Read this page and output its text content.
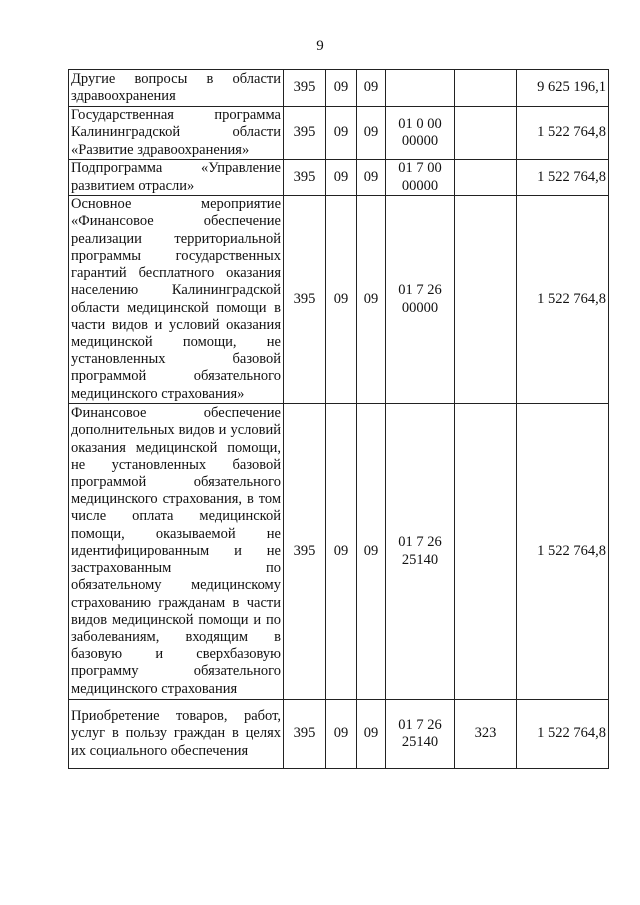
9
Другие вопросы в области здравоохранения	395	09	09			9 625 196,1
Государственная программа Калининградской области «Развитие здравоохранения»	395	09	09	01 0 00 00000		1 522 764,8
Подпрограмма «Управление развитием отрасли»	395	09	09	01 7 00 00000		1 522 764,8
Основное мероприятие «Финансовое обеспечение реализации территориальной программы государственных гарантий бесплатного оказания населению Калининградской области медицинской помощи в части видов и условий оказания медицинской помощи, не установленных базовой программой обязательного медицинского страхования»	395	09	09	01 7 26 00000		1 522 764,8
Финансовое обеспечение дополнительных видов и условий оказания медицинской помощи, не установленных базовой программой обязательного медицинского страхования, в том числе оплата медицинской помощи, оказываемой не идентифицированным и не застрахованным по обязательному медицинскому страхованию гражданам в части видов медицинской помощи и по заболеваниям, входящим в базовую и сверхбазовую программу обязательного медицинского страхования	395	09	09	01 7 26 25140		1 522 764,8
Приобретение товаров, работ, услуг в пользу граждан в целях их социального обеспечения	395	09	09	01 7 26 25140	323	1 522 764,8
